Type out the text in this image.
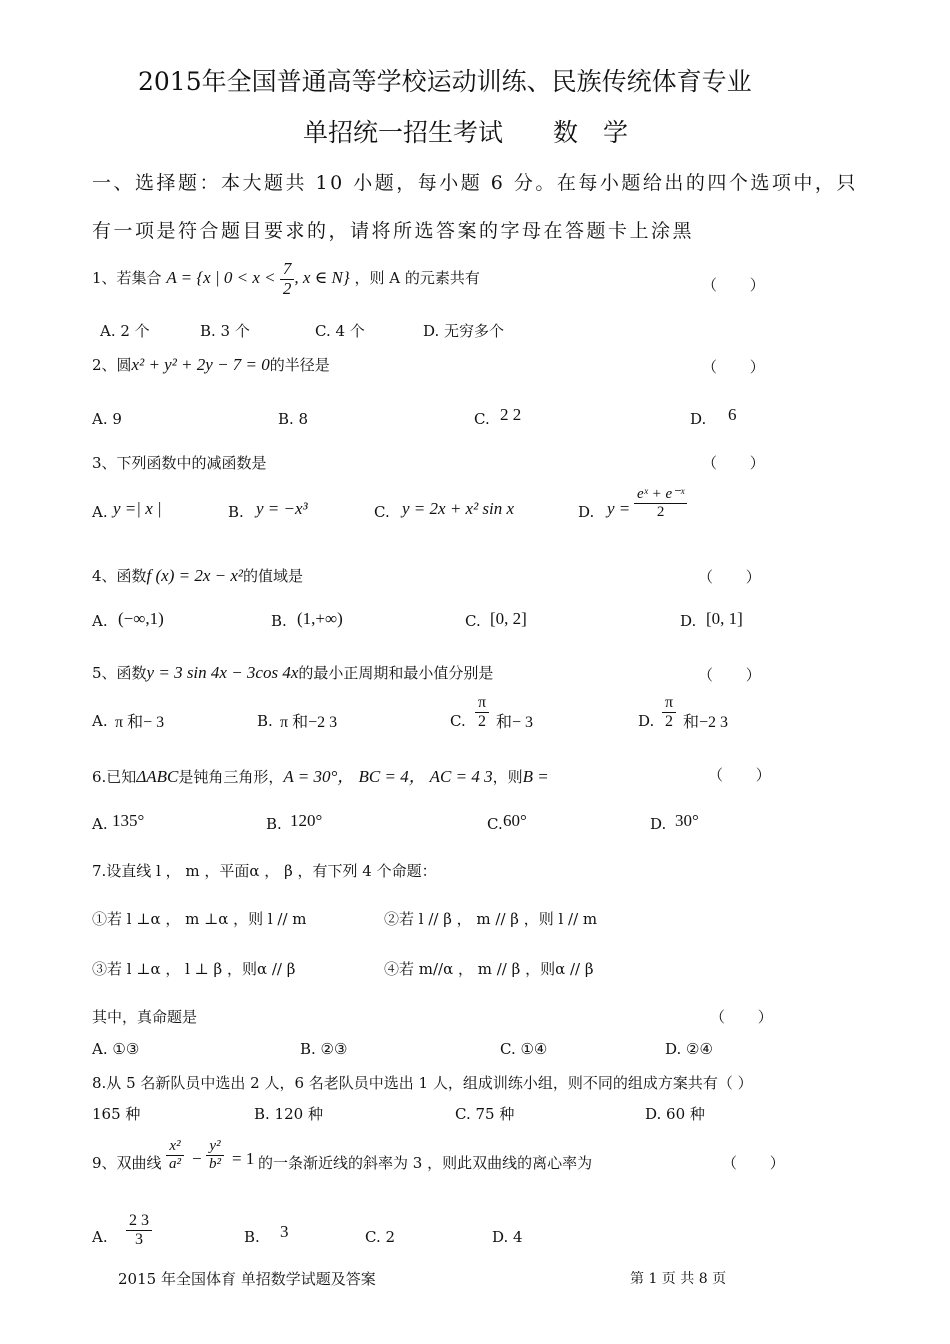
2015年全国普通高等学校运动训练、民族传统体育专业
单招统一招生考试　　数　学
一、选择题：本大题共 10 小题，每小题 6 分。在每小题给出的四个选项中，只
有一项是符合题目要求的，请将所选答案的字母在答题卡上涂黑
1、若集合 A = {x | $0 < x < \frac{7}{2}$ , x ∈ N} ，则 A 的元素共有	（ ）
A. 2 个	B. 3 个	C. 4 个	D. 无穷多个
2、圆x² + y² + 2y − 7 = 0的半径是	（ ）
A. 9	B. 8	C. 2 2	D. 6
3、下列函数中的减函数是	（ ）
A. y =| x |	B. y = −x³	C. y = 2x + x² sin x	D. $y = \frac{\text{eˣ + e⁻ˣ}}{2}$
4、函数f (x) = 2x − x²的值域是	（ ）
A. (−∞,1)	B. (1,+∞)	C. [0, 2]	D. [0, 1]
5、函数y = 3 sin 4x − 3cos 4x的最小正周期和最小值分别是	（ ）
A. π 和− 3	B. π 和−2 3	C. $\frac{\pi}{2}$ 和− 3	D. $\frac{\pi}{2}$ 和−2 3
6.已知ΔABC是钝角三角形，A = 30°， BC = 4， AC = 4 3，则B =	（ ）
A. 135°	B. 120°	C. 60°	D. 30°
7.设直线 l ， m ，平面α ， β ，有下列 4 个命题：
①若 l ⊥α ， m ⊥α ，则 l // m	②若 l // β ， m // β ，则 l // m
③若 l ⊥α ， l ⊥ β ，则α // β	④若 m//α ， m // β ，则α // β
其中，真命题是	（ ）
A. ①③	B. ②③	C. ①④	D. ②④
8.从 5 名新队员中选出 2 人，6 名老队员中选出 1 人，组成训练小组，则不同的组成方案共有（ ）
165 种	B. 120 种	C. 75 种	D. 60 种
9、双曲线 $\frac{\text{x²}}{\text{a²}} - \frac{\text{y²}}{\text{b²}} = 1$ 的一条渐近线的斜率为 3 ，则此双曲线的离心率为	（ ）
A. $\frac{2 3}{3}$	B. 3	C. 2	D. 4
2015 年全国体育 单招数学试题及答案	第 1 页 共 8 页
